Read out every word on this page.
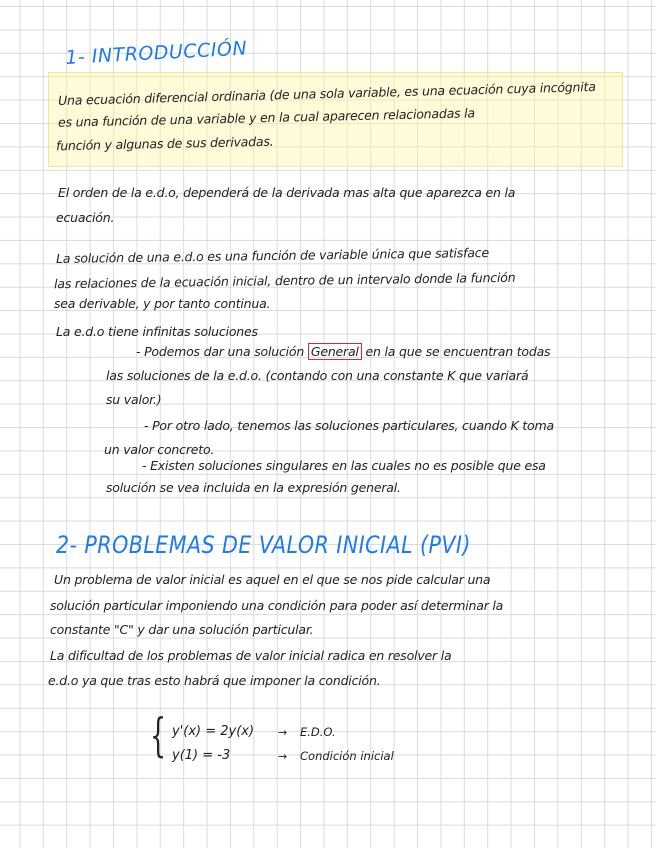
1- INTRODUCCIÓN

Una ecuación diferencial ordinaria (de una sola variable, es una ecuación cuya incógnita

es una función de una variable y en la cual aparecen relacionadas la

función y algunas de sus derivadas.

El orden de la e.d.o, dependerá de la derivada mas alta que aparezca en la

ecuación.

La solución de una e.d.o es una función de variable única que satisface

las relaciones de la ecuación inicial, dentro de un intervalo donde la función

sea derivable, y por tanto continua.

La e.d.o tiene infinitas soluciones

- Podemos dar una solución General en la que se encuentran todas

las soluciones de la e.d.o. (contando con una constante K que variará

su valor.)

- Por otro lado, tenemos las soluciones particulares, cuando K toma

un valor concreto.

- Existen soluciones singulares en las cuales no es posible que esa

solución se vea incluida en la expresión general.

2- PROBLEMAS DE VALOR INICIAL (PVI)

Un problema de valor inicial es aquel en el que se nos pide calcular una

solución particular imponiendo una condición para poder así determinar la

constante "C" y dar una solución particular.

La dificultad de los problemas de valor inicial radica en resolver la

e.d.o ya que tras esto habrá que imponer la condición.

{ y'(x) = 2y(x) → E.D.O.
y(1) = -3	→ Condición inicial
